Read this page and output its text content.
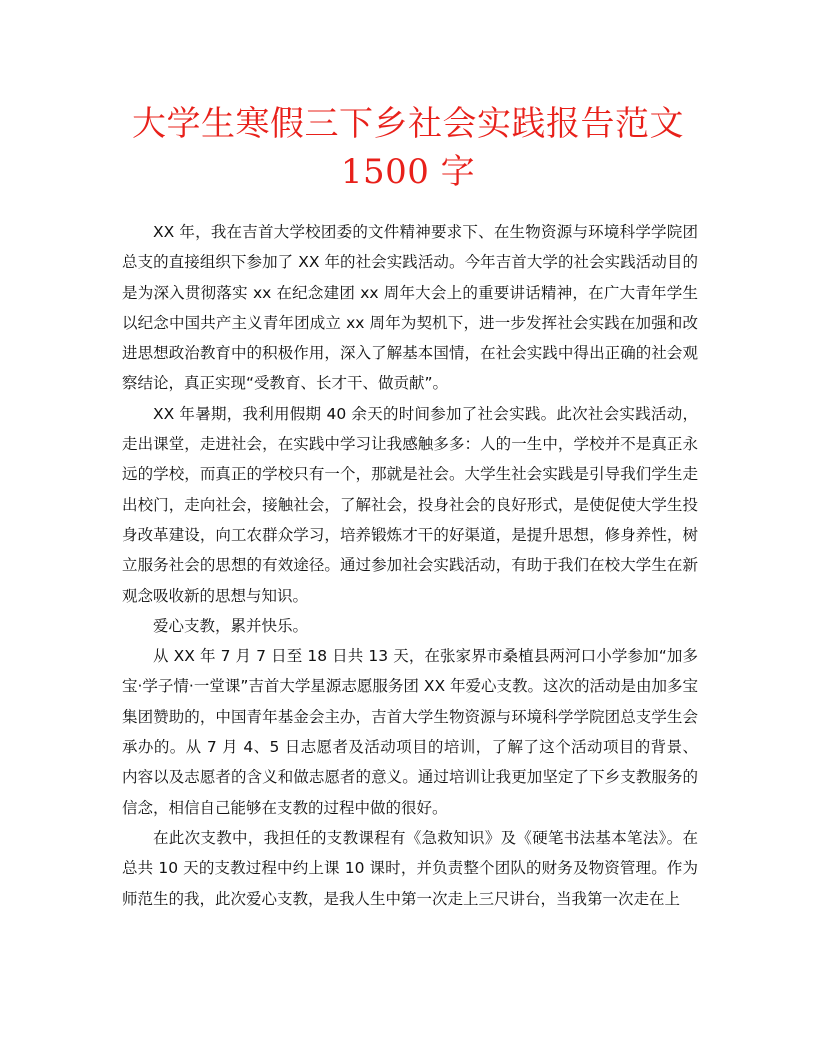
大学生寒假三下乡社会实践报告范文
1500 字

XX 年，我在吉首大学校团委的文件精神要求下、在生物资源与环境科学学院团总支的直接组织下参加了 XX 年的社会实践活动。今年吉首大学的社会实践活动目的是为深入贯彻落实 xx 在纪念建团 xx 周年大会上的重要讲话精神，在广大青年学生以纪念中国共产主义青年团成立 xx 周年为契机下，进一步发挥社会实践在加强和改进思想政治教育中的积极作用，深入了解基本国情，在社会实践中得出正确的社会观察结论，真正实现“受教育、长才干、做贡献”。

XX 年暑期，我利用假期 40 余天的时间参加了社会实践。此次社会实践活动，走出课堂，走进社会，在实践中学习让我感触多多：人的一生中，学校并不是真正永远的学校，而真正的学校只有一个，那就是社会。大学生社会实践是引导我们学生走出校门，走向社会，接触社会，了解社会，投身社会的良好形式，是使促使大学生投身改革建设，向工农群众学习，培养锻炼才干的好渠道，是提升思想，修身养性，树立服务社会的思想的有效途径。通过参加社会实践活动，有助于我们在校大学生在新观念吸收新的思想与知识。

爱心支教，累并快乐。

从 XX 年 7 月 7 日至 18 日共 13 天，在张家界市桑植县两河口小学参加“加多宝·学子情·一堂课”吉首大学星源志愿服务团 XX 年爱心支教。这次的活动是由加多宝集团赞助的，中国青年基金会主办，吉首大学生物资源与环境科学学院团总支学生会承办的。从 7 月 4、5 日志愿者及活动项目的培训，了解了这个活动项目的背景、内容以及志愿者的含义和做志愿者的意义。通过培训让我更加坚定了下乡支教服务的信念，相信自己能够在支教的过程中做的很好。

在此次支教中，我担任的支教课程有《急救知识》及《硬笔书法基本笔法》。在总共 10 天的支教过程中约上课 10 课时，并负责整个团队的财务及物资管理。作为师范生的我，此次爱心支教，是我人生中第一次走上三尺讲台，当我第一次走在上
